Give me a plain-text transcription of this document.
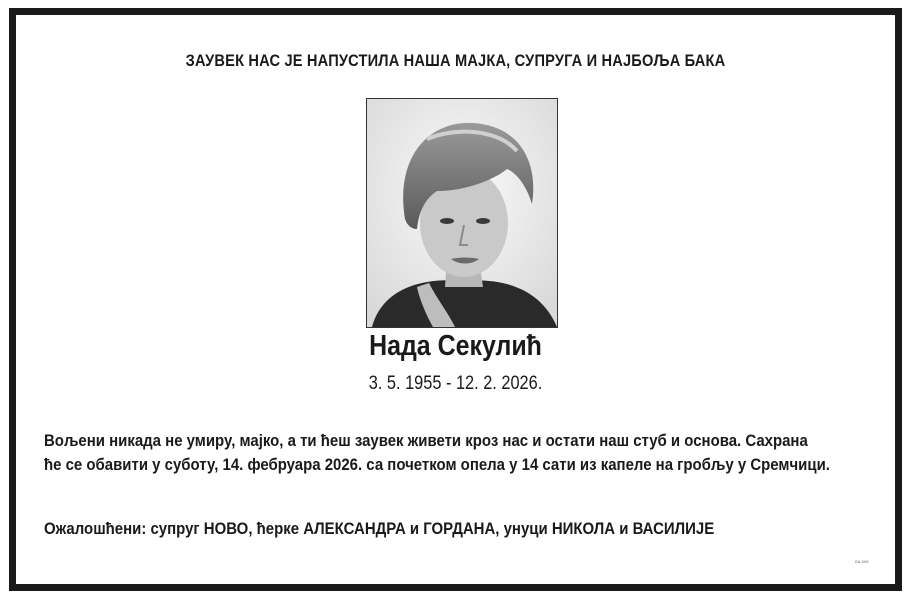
ЗАУВЕК НАС ЈЕ НАПУСТИЛА НАША МАЈКА, СУПРУГА И НАЈБОЉА БАКА
Нада Секулић
3. 5. 1955 - 12. 2. 2026.
Вољени никада не умиру, мајко, а ти ћеш заувек живети кроз нас и остати наш стуб и основа. Сахрана
ће се обавити у суботу, 14. фебруара 2026. са почетком опела у 14 сати из капеле на гробљу у Сремчици.
Ожалошћени: супруг НОВО, ћерке АЛЕКСАНДРА и ГОРДАНА, унуци НИКОЛА и ВАСИЛИЈЕ
Ed.19/1
